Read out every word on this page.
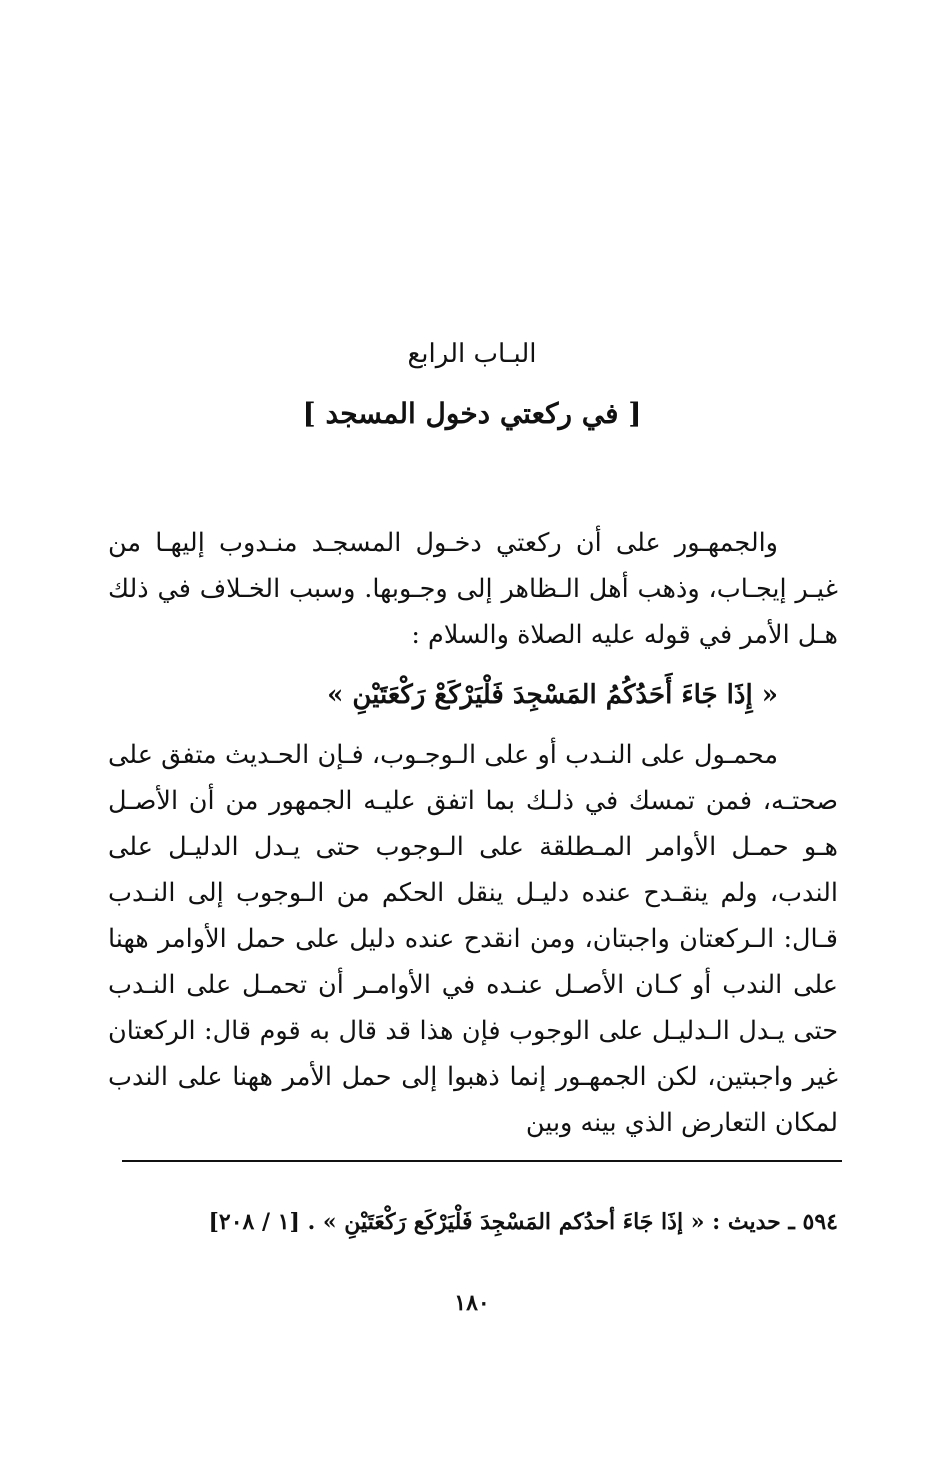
البـاب الرابع
[ في ركعتي دخول المسجد ]

والجمهـور على أن ركعتي دخـول المسجـد منـدوب إليهـا من غيـر إيجـاب، وذهب أهل الـظاهر إلى وجـوبها. وسبب الخـلاف في ذلك هـل الأمر في قوله عليه الصلاة والسلام :

« إِذَا جَاءَ أَحَدُكُمُ المَسْجِدَ فَلْيَرْكَعْ رَكْعَتَيْنِ »

محمـول على النـدب أو على الـوجـوب، فـإن الحـديث متفق على صحتـه، فمن تمسك في ذلـك بما اتفق عليـه الجمهور من أن الأصـل هـو حمـل الأوامر المـطلقة على الـوجوب حتى يـدل الدليـل على الندب، ولم ينقـدح عنده دليـل ينقل الحكم من الـوجوب إلى النـدب قـال: الـركعتان واجبتان، ومن انقدح عنده دليل على حمل الأوامر ههنا على الندب أو كـان الأصـل عنـده في الأوامـر أن تحمـل على النـدب حتى يـدل الـدليـل على الوجوب فإن هذا قد قال به قوم قال: الركعتان غير واجبتين، لكن الجمهـور إنما ذهبوا إلى حمل الأمر ههنا على الندب لمكان التعارض الذي بينه وبين

٥٩٤ ـ حديث : « إذَا جَاءَ أحدُكم المَسْجِدَ فَلْيَرْكَع رَكْعَتَيْنِ » . [١ / ٢٠٨]

١٨٠
